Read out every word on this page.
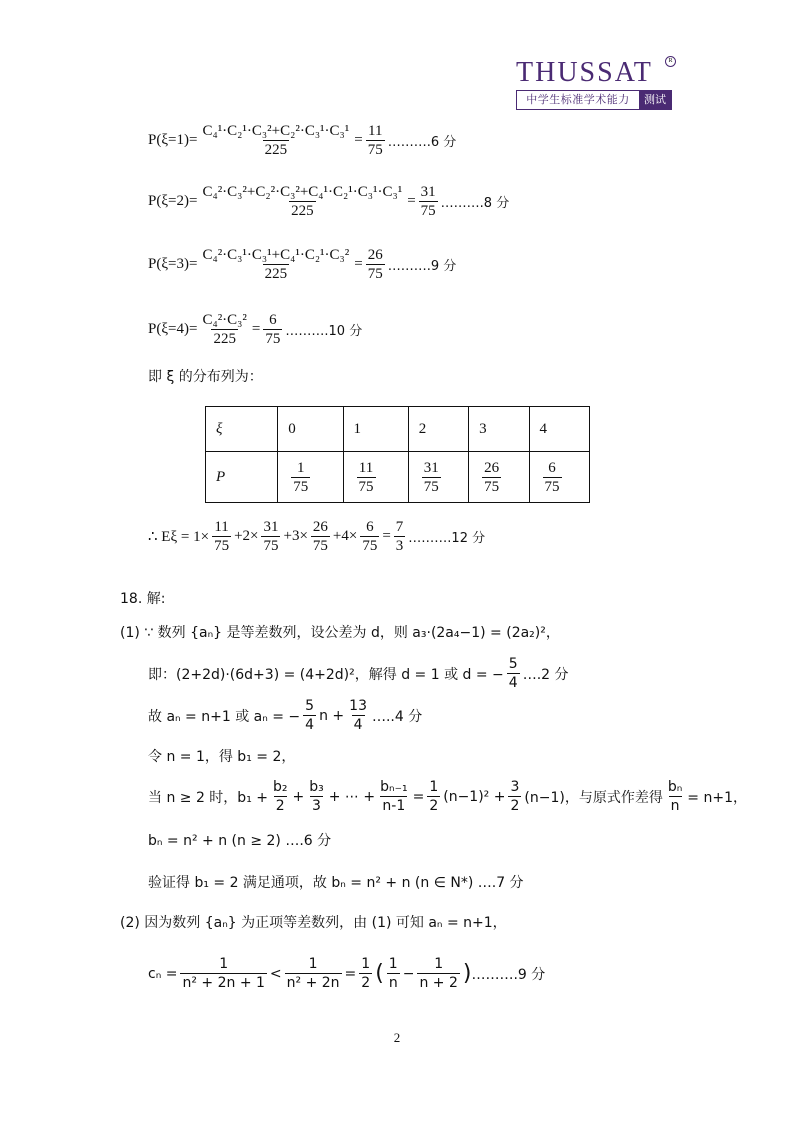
THUSSAT	R
中学生标准学术能力	测试
$P(\xi=1)= \frac{\text{C₄¹·C₂¹·C₃²+C₂²·C₃¹·C₃¹}}{225} = \frac{11}{75}$ ……….6 分
$P(\xi=2)= \frac{\text{C₄²·C₃²+C₂²·C₃²+C₄¹·C₂¹·C₃¹·C₃¹}}{225} = \frac{31}{75}$ ……….8 分
$P(\xi=3)= \frac{\text{C₄²·C₃¹·C₃¹+C₄¹·C₂¹·C₃²}}{225} = \frac{26}{75}$ ……….9 分
$P(\xi=4)= \frac{\text{C₄²·C₃²}}{225} = \frac{6}{75}$ ……….10 分
即 ξ 的分布列为：
ξ	0	1	2	3	4
P	$\frac{1}{75}$	$\frac{11}{75}$	$\frac{31}{75}$	$\frac{26}{75}$	$\frac{6}{75}$
∴ $E\xi = 1\times \frac{11}{75} +2\times \frac{31}{75} +3\times \frac{26}{75} +4\times \frac{6}{75} = \frac{7}{3}$ ……….12 分
18. 解:
(1) ∵ 数列 {aₙ} 是等差数列，设公差为 d，则 a₃·(2a₄−1) = (2a₂)²，
即：(2+2d)·(6d+3) = (4+2d)²，解得 d = 1 或 d = − $\frac{5}{4}$ ….2 分
故 aₙ = n+1 或 aₙ = − $\frac{5}{4}$ $n + \frac{13}{4}$ …..4 分
令 n = 1，得 b₁ = 2，
当 n ≥ 2 时，$b_1 + \frac{\text{b₂}}{2} + \frac{\text{b₃}}{3}$ + ⋯ + $\frac{\text{bₙ₋₁}}{n-1} = \frac{1}{2} (n-1)^2 + \frac{3}{2} (n-1)$，与原式作差得 $\frac{\text{bₙ}}{n} = n+1$，
bₙ = n² + n (n ≥ 2) ….6 分
验证得 b₁ = 2 满足通项，故 bₙ = n² + n (n ∈ N*) ….7 分
(2) 因为数列 {aₙ} 为正项等差数列，由 (1) 可知 aₙ = n+1，
$c_n = \frac{1}{\text{n² + 2n + 1}} < \frac{1}{\text{n² + 2n}} = \frac{1}{2}$ ( $\frac{1}{n} - \frac{1}{n + 2}$ ) ……….9 分
2
